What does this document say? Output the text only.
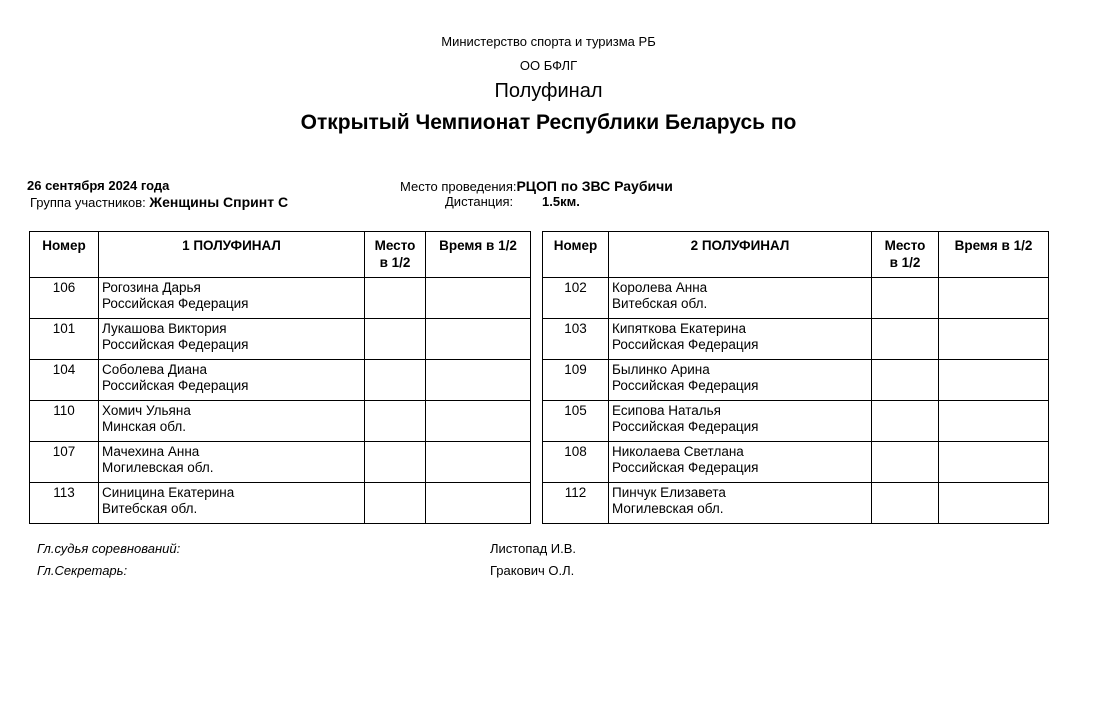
Министерство спорта и туризма РБ
ОО БФЛГ
Полуфинал
Открытый Чемпионат Республики Беларусь по
26 сентября 2024 года
Группа участников: Женщины Спринт С
Место проведения:РЦОП по ЗВС Раубичи
Дистанция: 1.5км.
Номер	1 ПОЛУФИНАЛ	Место
в 1/2	Время в 1/2
106	Рогозина Дарья
Российская Федерация		
101	Лукашова Виктория
Российская Федерация		
104	Соболева Диана
Российская Федерация		
110	Хомич Ульяна
Минская обл.		
107	Мачехина Анна
Могилевская обл.		
113	Синицина Екатерина
Витебская обл.		
Номер	2 ПОЛУФИНАЛ	Место
в 1/2	Время в 1/2
102	Королева Анна
Витебская обл.		
103	Кипяткова Екатерина
Российская Федерация		
109	Былинко Арина
Российская Федерация		
105	Есипова Наталья
Российская Федерация		
108	Николаева Светлана
Российская Федерация		
112	Пинчук Елизавета
Могилевская обл.		
Гл.судья соревнований:	Листопад И.В.
Гл.Секретарь:	Гракович О.Л.
